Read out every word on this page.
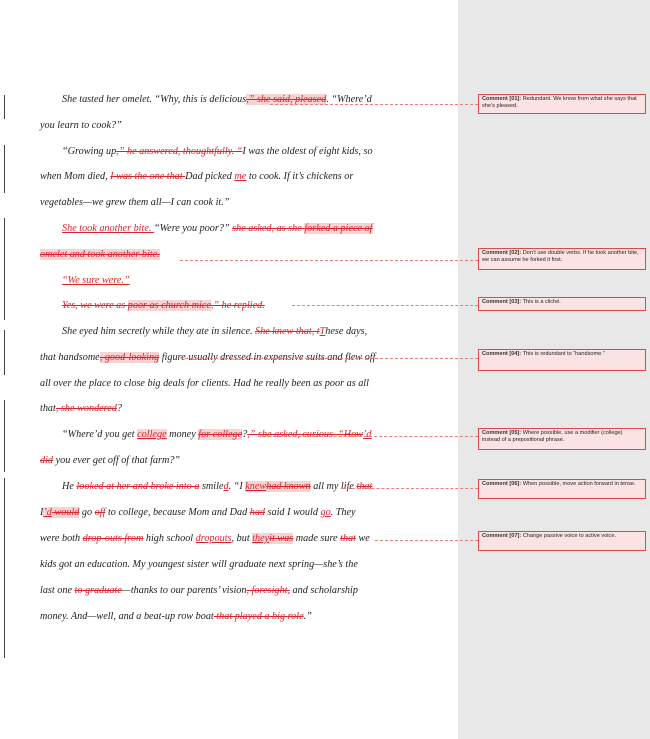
She tasted her omelet. “Why, this is delicious,” she said, pleased. “Where’d
you learn to cook?”
“Growing up,” he answered, thoughtfully. “I was the oldest of eight kids, so
when Mom died, I was the one that Dad picked me to cook. If it’s chickens or
vegetables—we grew them all—I can cook it.”
She took another bite. “Were you poor?” she asked, as she forked a piece of
omelet and took another bite.
“We sure were.”
Yes, we were as poor as church mice,” he replied.
She eyed him secretly while they ate in silence. She knew that, tThese days,
that handsome, good-looking figure usually dressed in expensive suits and flew off
all over the place to close big deals for clients. Had he really been as poor as all
that, she wondered?
“Where’d you get college money for college?,” she asked, curious. “How’d
did you ever get off of that farm?”
He looked at her and broke into a smiled. “I knewhad known all my life that
I’d would go off to college, because Mom and Dad had said I would go. They
were both drop-outs from high school dropouts, but theyit was made sure that we
kids got an education. My youngest sister will graduate next spring—she’s the
last one to graduate—thanks to our parents’ vision, foresight, and scholarship
money. And—well, and a beat-up row boat that played a big role.”
Comment [01]: Redundant. We know from what she says that she’s pleased.
Comment [02]: Don’t use double verbs. If he took another bite, we can assume he forked it first.
Comment [03]: This is a cliché.
Comment [04]: This is redundant to “handsome.”
Comment [05]: Where possible, use a modifier (college) instead of a prepositional phrase.
Comment [06]: When possible, move action forward in tense.
Comment [07]: Change passive voice to active voice.
